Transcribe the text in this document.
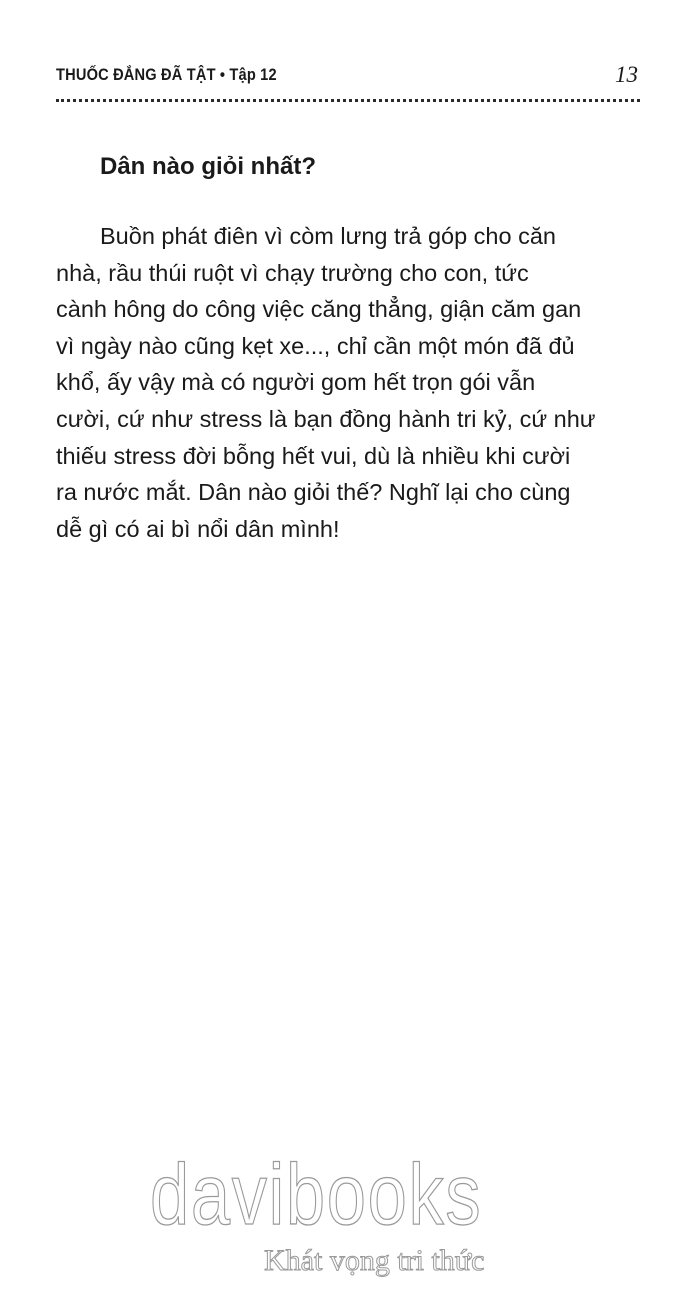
THUỐC ĐẮNG ĐÃ TẬT • Tập 12	13
Dân nào giỏi nhất?
Buồn phát điên vì còm lưng trả góp cho căn
nhà, rầu thúi ruột vì chạy trường cho con, tức
cành hông do công việc căng thẳng, giận căm gan
vì ngày nào cũng kẹt xe..., chỉ cần một món đã đủ
khổ, ấy vậy mà có người gom hết trọn gói vẫn
cười, cứ như stress là bạn đồng hành tri kỷ, cứ như
thiếu stress đời bỗng hết vui, dù là nhiều khi cười
ra nước mắt. Dân nào giỏi thế? Nghĩ lại cho cùng
dễ gì có ai bì nổi dân mình!
davibooks
Khát vọng tri thức
